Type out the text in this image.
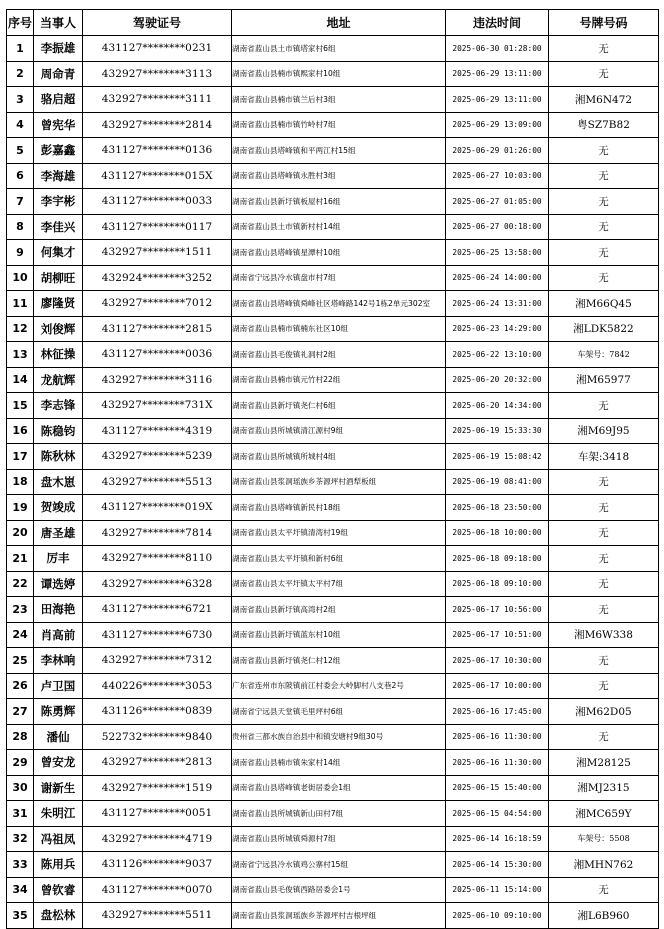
序号	当事人	驾驶证号	地址	违法时间	号牌号码
1	李振雄	431127********0231	湖南省蓝山县土市镇塔家村6组	2025-06-30 01:28:00	无
2	周命青	432927********3113	湖南省蓝山县楠市镇熙家村10组	2025-06-29 13:11:00	无
3	骆启超	432927********3111	湖南省蓝山县楠市镇兰后村3组	2025-06-29 13:11:00	湘M6N472
4	曾宪华	432927********2814	湖南省蓝山县楠市镇竹岭村7组	2025-06-29 13:09:00	粤SZ7B82
5	彭嘉鑫	431127********0136	湖南省蓝山县塔峰镇和平两江村15组	2025-06-29 01:26:00	无
6	李海雄	431127********015X	湖南省蓝山县塔峰镇永胜村3组	2025-06-27 10:03:00	无
7	李宇彬	431127********0033	湖南省蓝山县新圩镇板屋村16组	2025-06-27 01:05:00	无
8	李佳兴	431127********0117	湖南省蓝山县土市镇新村村14组	2025-06-27 00:18:00	无
9	何集才	432927********1511	湖南省蓝山县塔峰镇星潭村10组	2025-06-25 13:58:00	无
10	胡柳旺	432924********3252	湖南省宁远县冷水镇盘市村7组	2025-06-24 14:00:00	无
11	廖隆贤	432927********7012	湖南省蓝山县塔峰镇舜峰社区塔峰路142号1栋2单元302室	2025-06-24 13:31:00	湘M66Q45
12	刘俊辉	431127********2815	湖南省蓝山县楠市镇楠东社区10组	2025-06-23 14:29:00	湘LDK5822
13	林征操	431127********0036	湖南省蓝山县毛俊镇礼洞村2组	2025-06-22 13:10:00	车架号：7842
14	龙航辉	432927********3116	湖南省蓝山县楠市镇元竹村22组	2025-06-20 20:32:00	湘M65977
15	李志锋	432927********731X	湖南省蓝山县新圩镇尧仁村6组	2025-06-20 14:34:00	无
16	陈稳钧	431127********4319	湖南省蓝山县所城镇清江源村9组	2025-06-19 15:33:30	湘M69J95
17	陈秋林	432927********5239	湖南省蓝山县所城镇所城村4组	2025-06-19 15:08:42	车架:3418
18	盘木崽	432927********5513	湖南省蓝山县浆洞瑶族乡茶源坪村酒犁板组	2025-06-19 08:41:00	无
19	贺竣成	431127********019X	湖南省蓝山县塔峰镇新民村18组	2025-06-18 23:50:00	无
20	唐圣雄	432927********7814	湖南省蓝山县太平圩镇清湾村19组	2025-06-18 10:00:00	无
21	厉丰	432927********8110	湖南省蓝山县太平圩镇和新村6组	2025-06-18 09:18:00	无
22	谭选婷	432927********6328	湖南省蓝山县太平圩镇太平村7组	2025-06-18 09:10:00	无
23	田海艳	431127********6721	湖南省蓝山县新圩镇高湾村2组	2025-06-17 10:56:00	无
24	肖高前	431127********6730	湖南省蓝山县新圩镇蓝东村10组	2025-06-17 10:51:00	湘M6W338
25	李林响	432927********7312	湖南省蓝山县新圩镇尧仁村12组	2025-06-17 10:30:00	无
26	卢卫国	440226********3053	广东省连州市东陂镇前江村委会大岭脚村八支巷2号	2025-06-17 10:00:00	无
27	陈勇辉	431126********0839	湖南省宁远县天堂镇毛里坪村6组	2025-06-16 17:45:00	湘M62D05
28	潘仙	522732********9840	贵州省三都水族自治县中和镇安塘村9组30号	2025-06-16 11:30:00	无
29	曾安龙	432927********2813	湖南省蓝山县楠市镇朱家村14组	2025-06-16 11:30:00	湘M28125
30	谢新生	432927********1519	湖南省蓝山县塔峰镇老街居委会1组	2025-06-15 15:40:00	湘MJ2315
31	朱明江	431127********0051	湖南省蓝山县所城镇新山田村7组	2025-06-15 04:54:00	湘MC659Y
32	冯祖凤	432927********4719	湖南省蓝山县所城镇舜源村7组	2025-06-14 16:18:59	车架号：5508
33	陈用兵	431126********9037	湖南省宁远县冷水镇鸡公寨村15组	2025-06-14 15:30:00	湘MHN762
34	曾钦睿	431127********0070	湖南省蓝山县毛俊镇西路居委会1号	2025-06-11 15:14:00	无
35	盘松林	432927********5511	湖南省蓝山县浆洞瑶族乡茶源坪村吉根坪组	2025-06-10 09:10:00	湘L6B960
